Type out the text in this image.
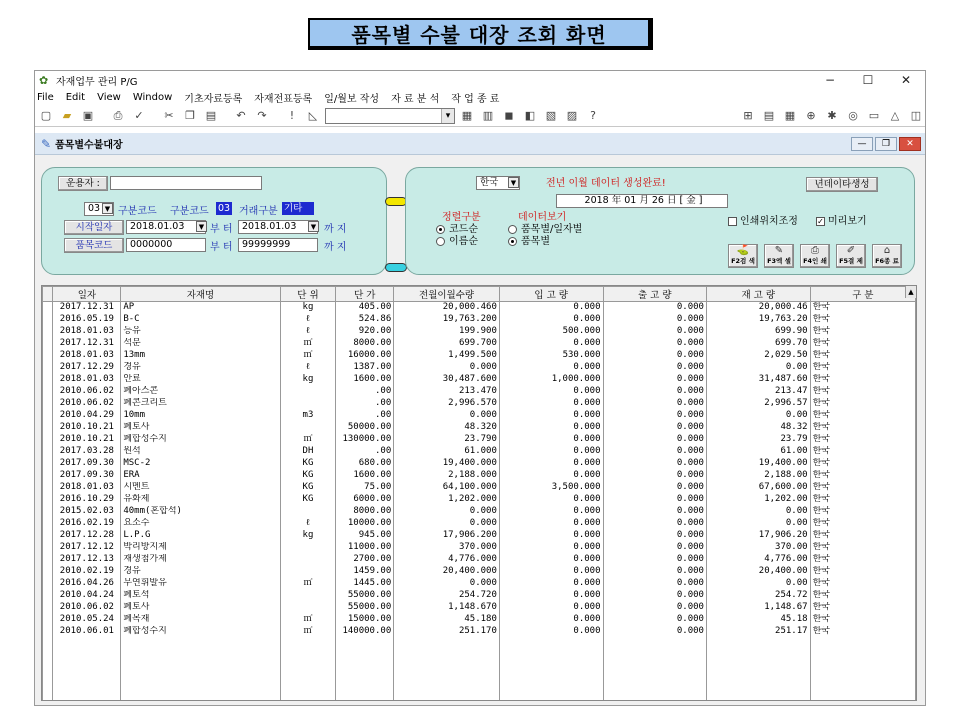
품목별 수불 대장 조회 화면
✿ 자재업무 관리 P/G	−	☐	✕
File Edit View Window 기초자료등록 자재전표등록 일/월보 작성 자 료 분 석 작 업 종 료
▢	▰	▣	⎙	✓	✂	❐ ▤	↶	↷	!	◺ ▾	▦ ▥	◼	◧ ▧ ▨	?	⊞	▤ ▦	⊕	✱	◎	▭	△	◫
✎ 품목별수불대장	—	❐	✕
운용자 :
03 ▼ 구분코드 구분코드 03 거래구분 기타
시작일자	2018.01.03	▼ 부 터	2018.01.03	▼ 까 지
품목코드	0000000	부 터	99999999	까 지
한국	▼	전년 이월 데이터 생성완료!	년데이타생성
2018 年 01 月 26 日 [ 金 ]
정렬구분
코드순
이름순
데이터보기
품목별/일자별
품목별
인쇄위치조정 ✓ 미리보기
⛳
F2검 색
✎
F3엑 셀
⎙
F4인 쇄
✐
F5결 제
⌂
F6종 료
	일자	자재명	단 위	단 가	전월이월수량	입 고 량	출 고 량	재 고 량	구 분
	2017.12.31	AP	kg	405.00	20,000.460	0.000	0.000	20,000.46	한국
	2016.05.19	B-C	ℓ	524.86	19,763.200	0.000	0.000	19,763.20	한국
	2018.01.03	등유	ℓ	920.00	199.900	500.000	0.000	699.90	한국
	2017.12.31	석분	㎥	8000.00	699.700	0.000	0.000	699.70	한국
	2018.01.03	13mm	㎥	16000.00	1,499.500	530.000	0.000	2,029.50	한국
	2017.12.29	경유	ℓ	1387.00	0.000	0.000	0.000	0.00	한국
	2018.01.03	안료	kg	1600.00	30,487.600	1,000.000	0.000	31,487.60	한국
	2010.06.02	폐아스콘		.00	213.470	0.000	0.000	213.47	한국
	2010.06.02	폐콘크리트		.00	2,996.570	0.000	0.000	2,996.57	한국
	2010.04.29	10mm	m3	.00	0.000	0.000	0.000	0.00	한국
	2010.10.21	폐토사		50000.00	48.320	0.000	0.000	48.32	한국
	2010.10.21	폐합성수지	㎥	130000.00	23.790	0.000	0.000	23.79	한국
	2017.03.28	원석	DH	.00	61.000	0.000	0.000	61.00	한국
	2017.09.30	MSC-2	KG	680.00	19,400.000	0.000	0.000	19,400.00	한국
	2017.09.30	ERA	KG	1600.00	2,188.000	0.000	0.000	2,188.00	한국
	2018.01.03	시멘트	KG	75.00	64,100.000	3,500.000	0.000	67,600.00	한국
	2016.10.29	유화제	KG	6000.00	1,202.000	0.000	0.000	1,202.00	한국
	2015.02.03	40mm(혼합석)		8000.00	0.000	0.000	0.000	0.00	한국
	2016.02.19	요소수	ℓ	10000.00	0.000	0.000	0.000	0.00	한국
	2017.12.28	L.P.G	kg	945.00	17,906.200	0.000	0.000	17,906.20	한국
	2017.12.12	박리방지제		11000.00	370.000	0.000	0.000	370.00	한국
	2017.12.13	재생첨가제		2700.00	4,776.000	0.000	0.000	4,776.00	한국
	2010.02.19	경유		1459.00	20,400.000	0.000	0.000	20,400.00	한국
	2016.04.26	무연휘발유	㎥	1445.00	0.000	0.000	0.000	0.00	한국
	2010.04.24	폐토석		55000.00	254.720	0.000	0.000	254.72	한국
	2010.06.02	폐토사		55000.00	1,148.670	0.000	0.000	1,148.67	한국
	2010.05.24	폐목재	㎥	15000.00	45.180	0.000	0.000	45.18	한국
	2010.06.01	폐합성수지	㎥	140000.00	251.170	0.000	0.000	251.17	한국

▲
